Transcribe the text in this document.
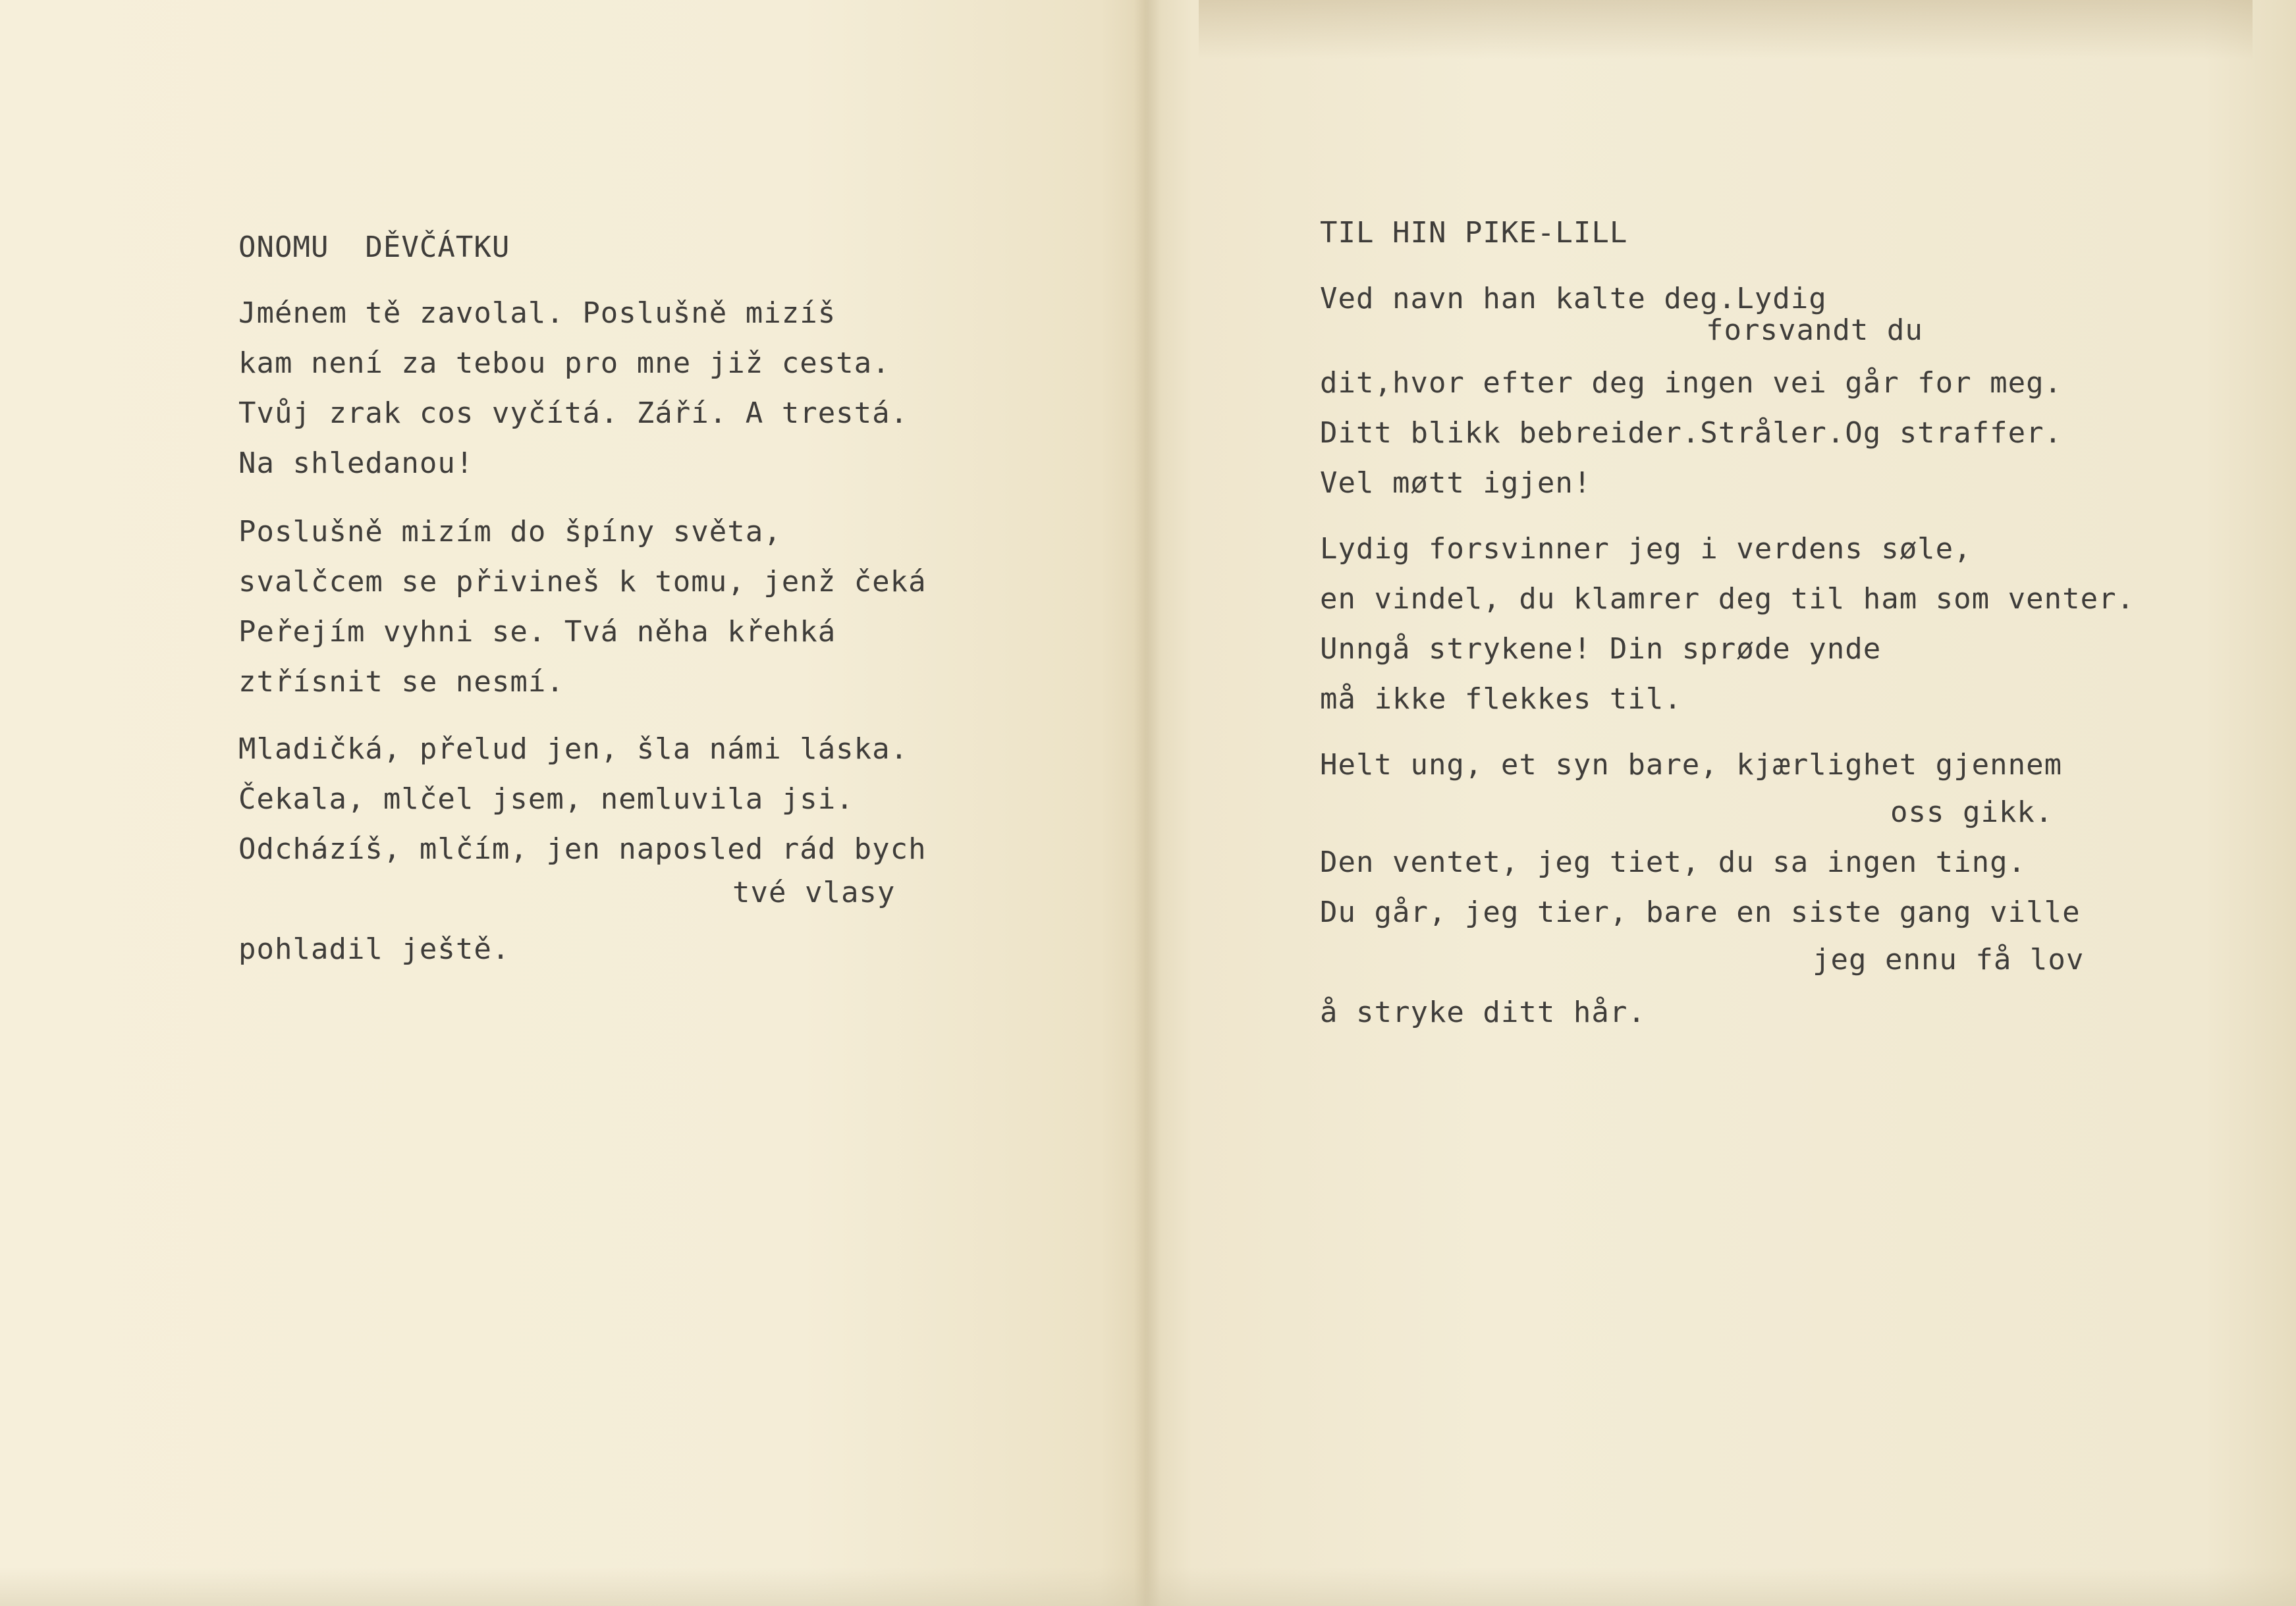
ONOMU  DĚVČÁTKU

Jménem tě zavolal. Poslušně mizíš

kam není za tebou pro mne již cesta.

Tvůj zrak cos vyčítá. Září. A trestá.

Na shledanou!

Poslušně mizím do špíny světa,

svalčcem se přivineš k tomu, jenž čeká

Peřejím vyhni se. Tvá něha křehká

ztřísnit se nesmí.

Mladičká, přelud jen, šla námi láska.

Čekala, mlčel jsem, nemluvila jsi.

Odcházíš, mlčím, jen naposled rád bych

tvé vlasy

pohladil ještě.

TIL HIN PIKE-LILL

Ved navn han kalte deg.Lydig

forsvandt du

dit,hvor efter deg ingen vei går for meg.

Ditt blikk bebreider.Stråler.Og straffer.

Vel møtt igjen!

Lydig forsvinner jeg i verdens søle,

en vindel, du klamrer deg til ham som venter.

Unngå strykene! Din sprøde ynde

må ikke flekkes til.

Helt ung, et syn bare, kjærlighet gjennem

oss gikk.

Den ventet, jeg tiet, du sa ingen ting.

Du går, jeg tier, bare en siste gang ville

jeg ennu få lov

å stryke ditt hår.
